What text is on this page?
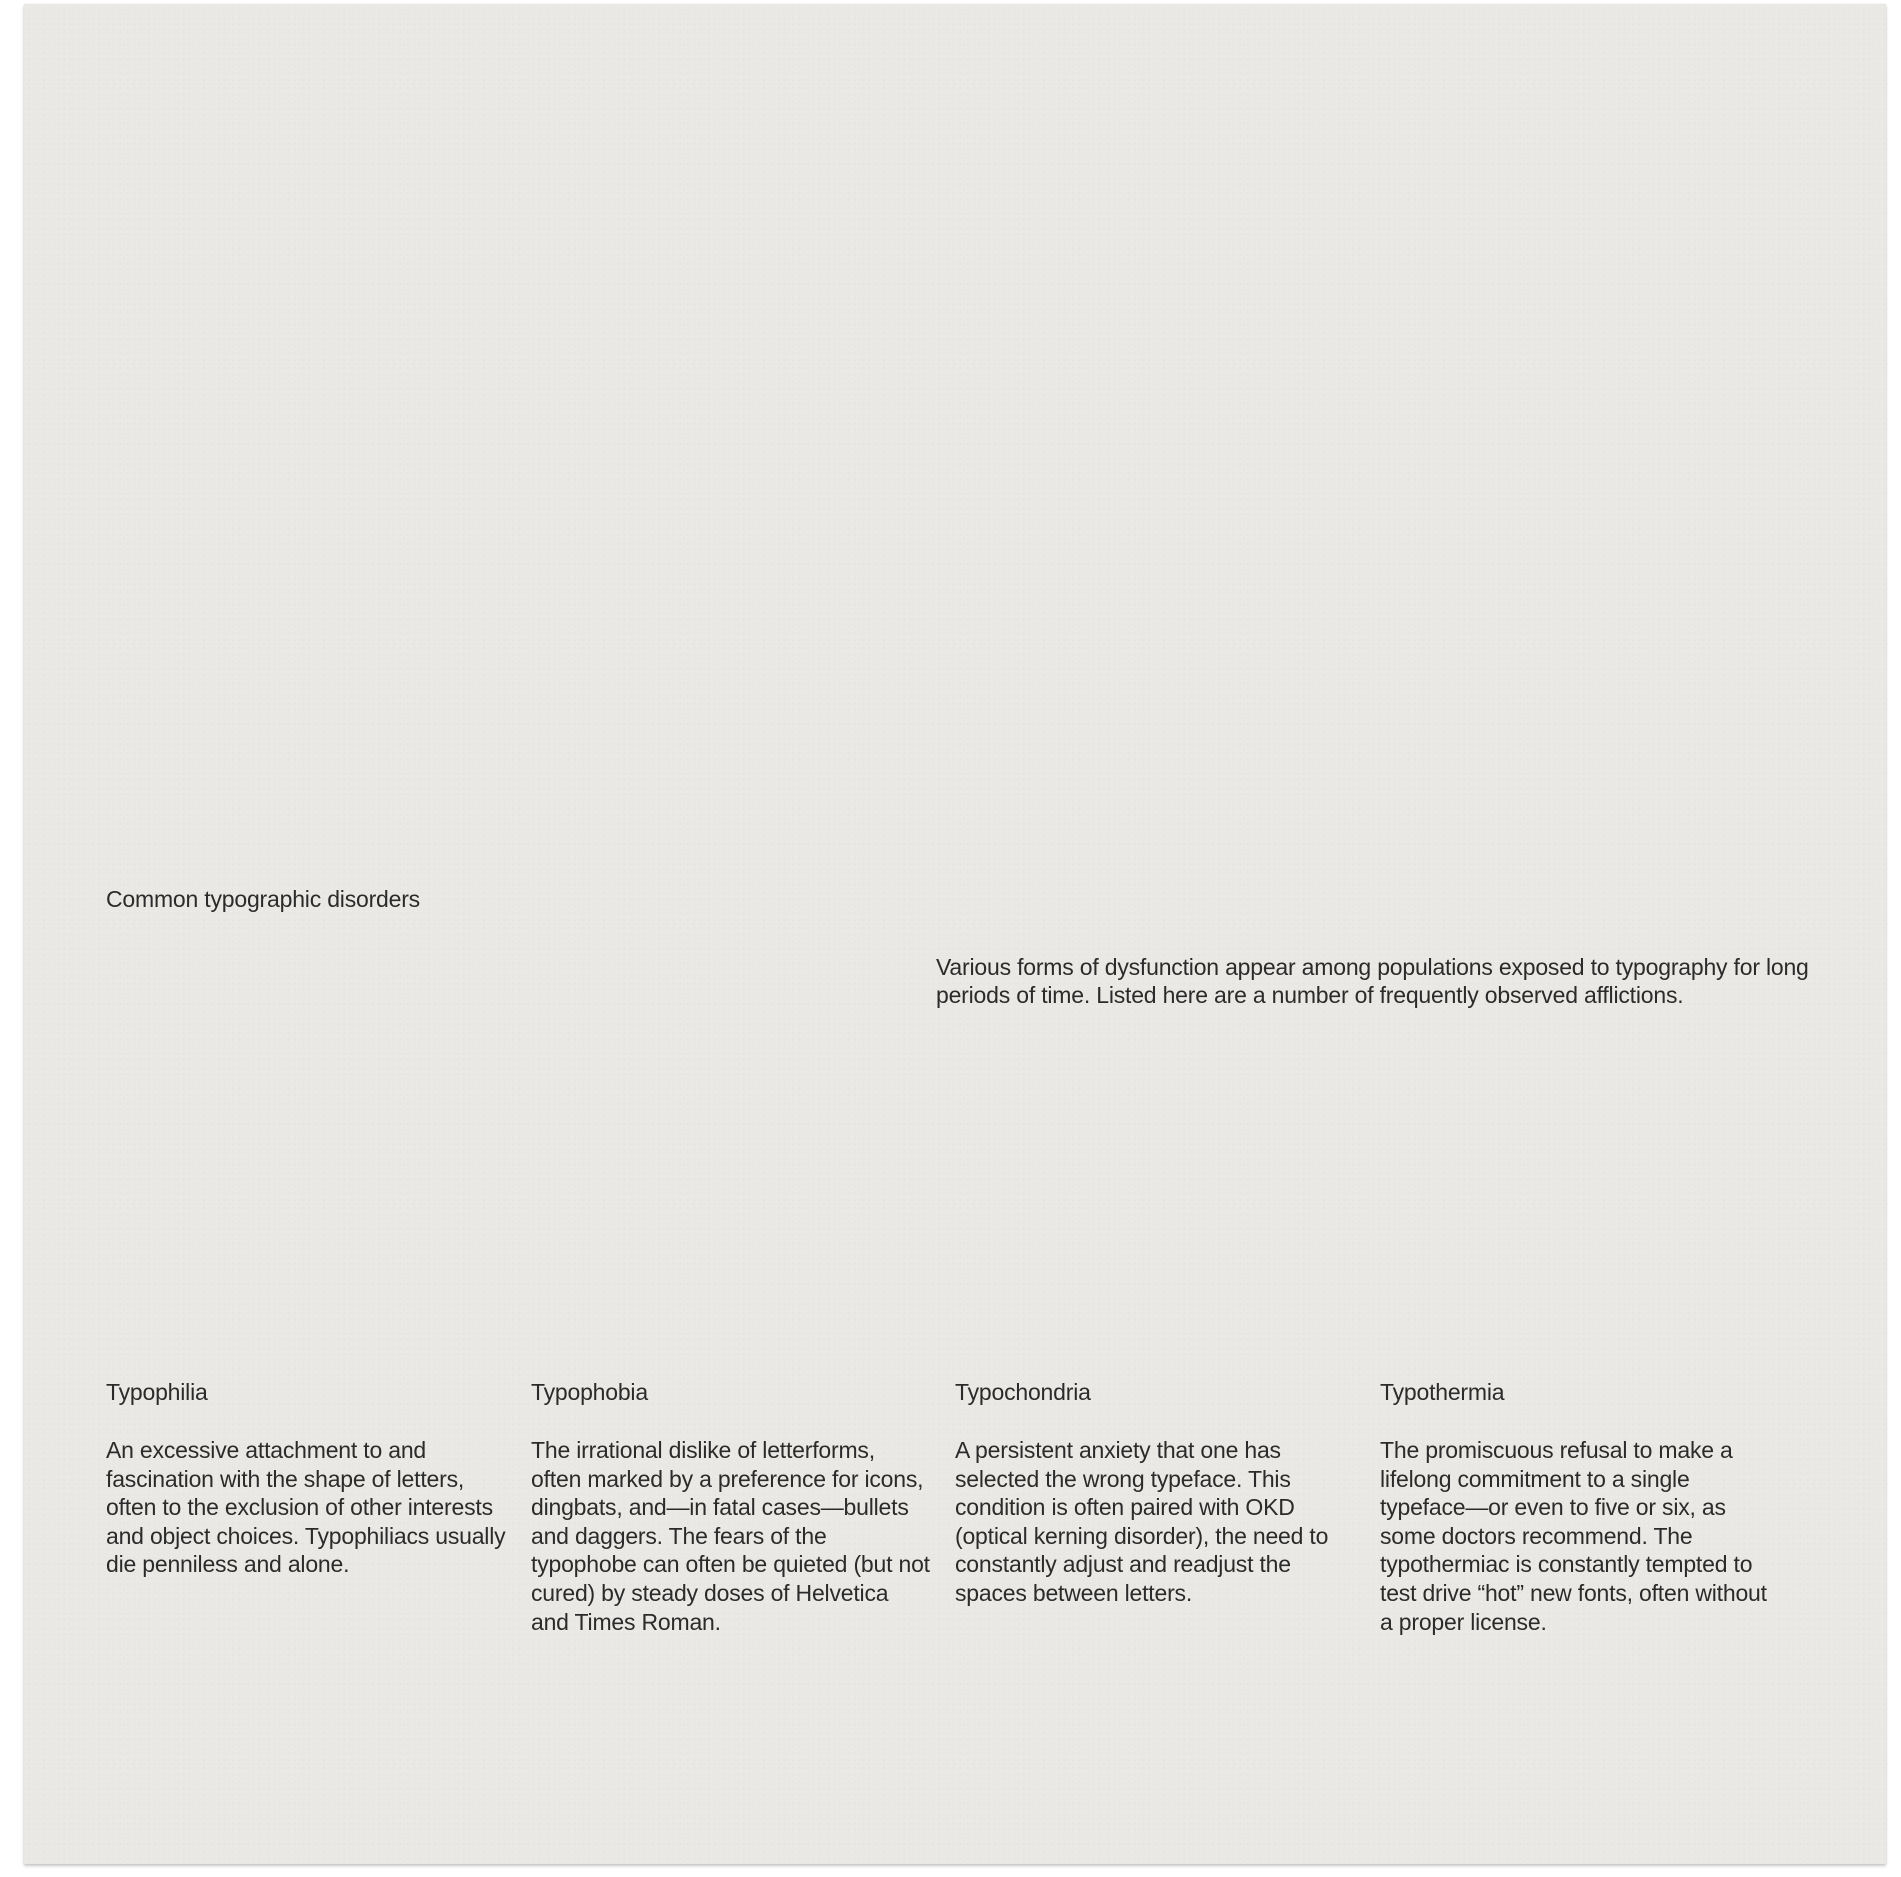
Common typographic disorders

Various forms of dysfunction appear among populations exposed to typography for long periods of time. Listed here are a number of frequently observed afflictions.

Typophilia

An excessive attachment to and fascination with the shape of letters, often to the exclusion of other interests and object choices. Typophiliacs usually die penniless and alone.

Typophobia

The irrational dislike of letterforms, often marked by a preference for icons, dingbats, and—in fatal cases—bullets and daggers. The fears of the typophobe can often be quieted (but not cured) by steady doses of Helvetica and Times Roman.

Typochondria

A persistent anxiety that one has selected the wrong typeface. This condition is often paired with OKD (optical kerning disorder), the need to constantly adjust and readjust the spaces between letters.

Typothermia

The promiscuous refusal to make a lifelong commitment to a single typeface—or even to five or six, as some doctors recommend. The typothermiac is constantly tempted to test drive “hot” new fonts, often without a proper license.
